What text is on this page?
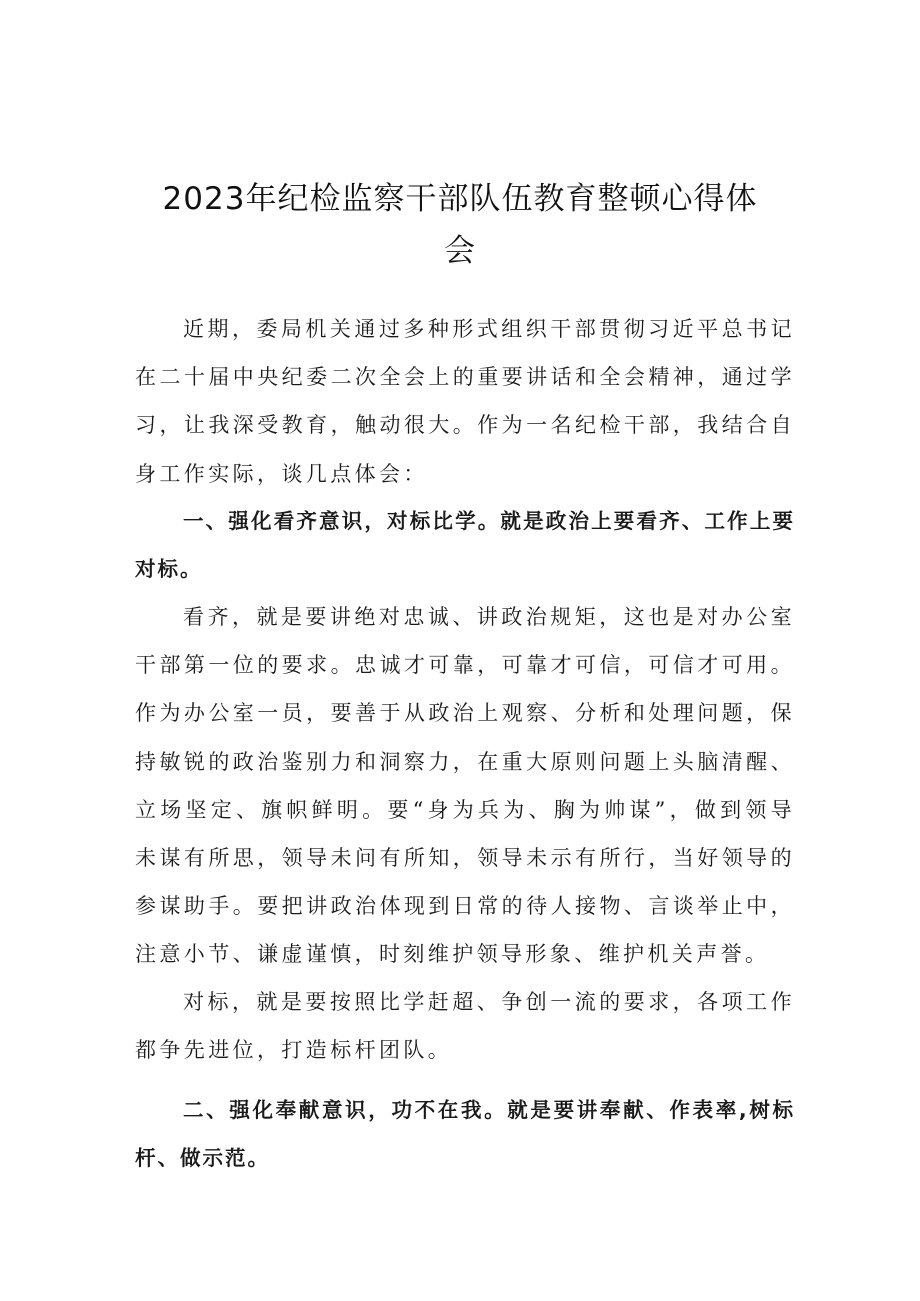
2023年纪检监察干部队伍教育整顿心得体
会

近期，委局机关通过多种形式组织干部贯彻习近平总书记在二十届中央纪委二次全会上的重要讲话和全会精神，通过学习，让我深受教育，触动很大。作为一名纪检干部，我结合自身工作实际，谈几点体会：

一、强化看齐意识，对标比学。就是政治上要看齐、工作上要对标。

看齐，就是要讲绝对忠诚、讲政治规矩，这也是对办公室干部第一位的要求。忠诚才可靠，可靠才可信，可信才可用。作为办公室一员，要善于从政治上观察、分析和处理问题，保持敏锐的政治鉴别力和洞察力，在重大原则问题上头脑清醒、立场坚定、旗帜鲜明。要“身为兵为、胸为帅谋”，做到领导未谋有所思，领导未问有所知，领导未示有所行，当好领导的参谋助手。要把讲政治体现到日常的待人接物、言谈举止中，注意小节、谦虚谨慎，时刻维护领导形象、维护机关声誉。

对标，就是要按照比学赶超、争创一流的要求，各项工作都争先进位，打造标杆团队。

二、强化奉献意识，功不在我。就是要讲奉献、作表率,树标杆、做示范。
